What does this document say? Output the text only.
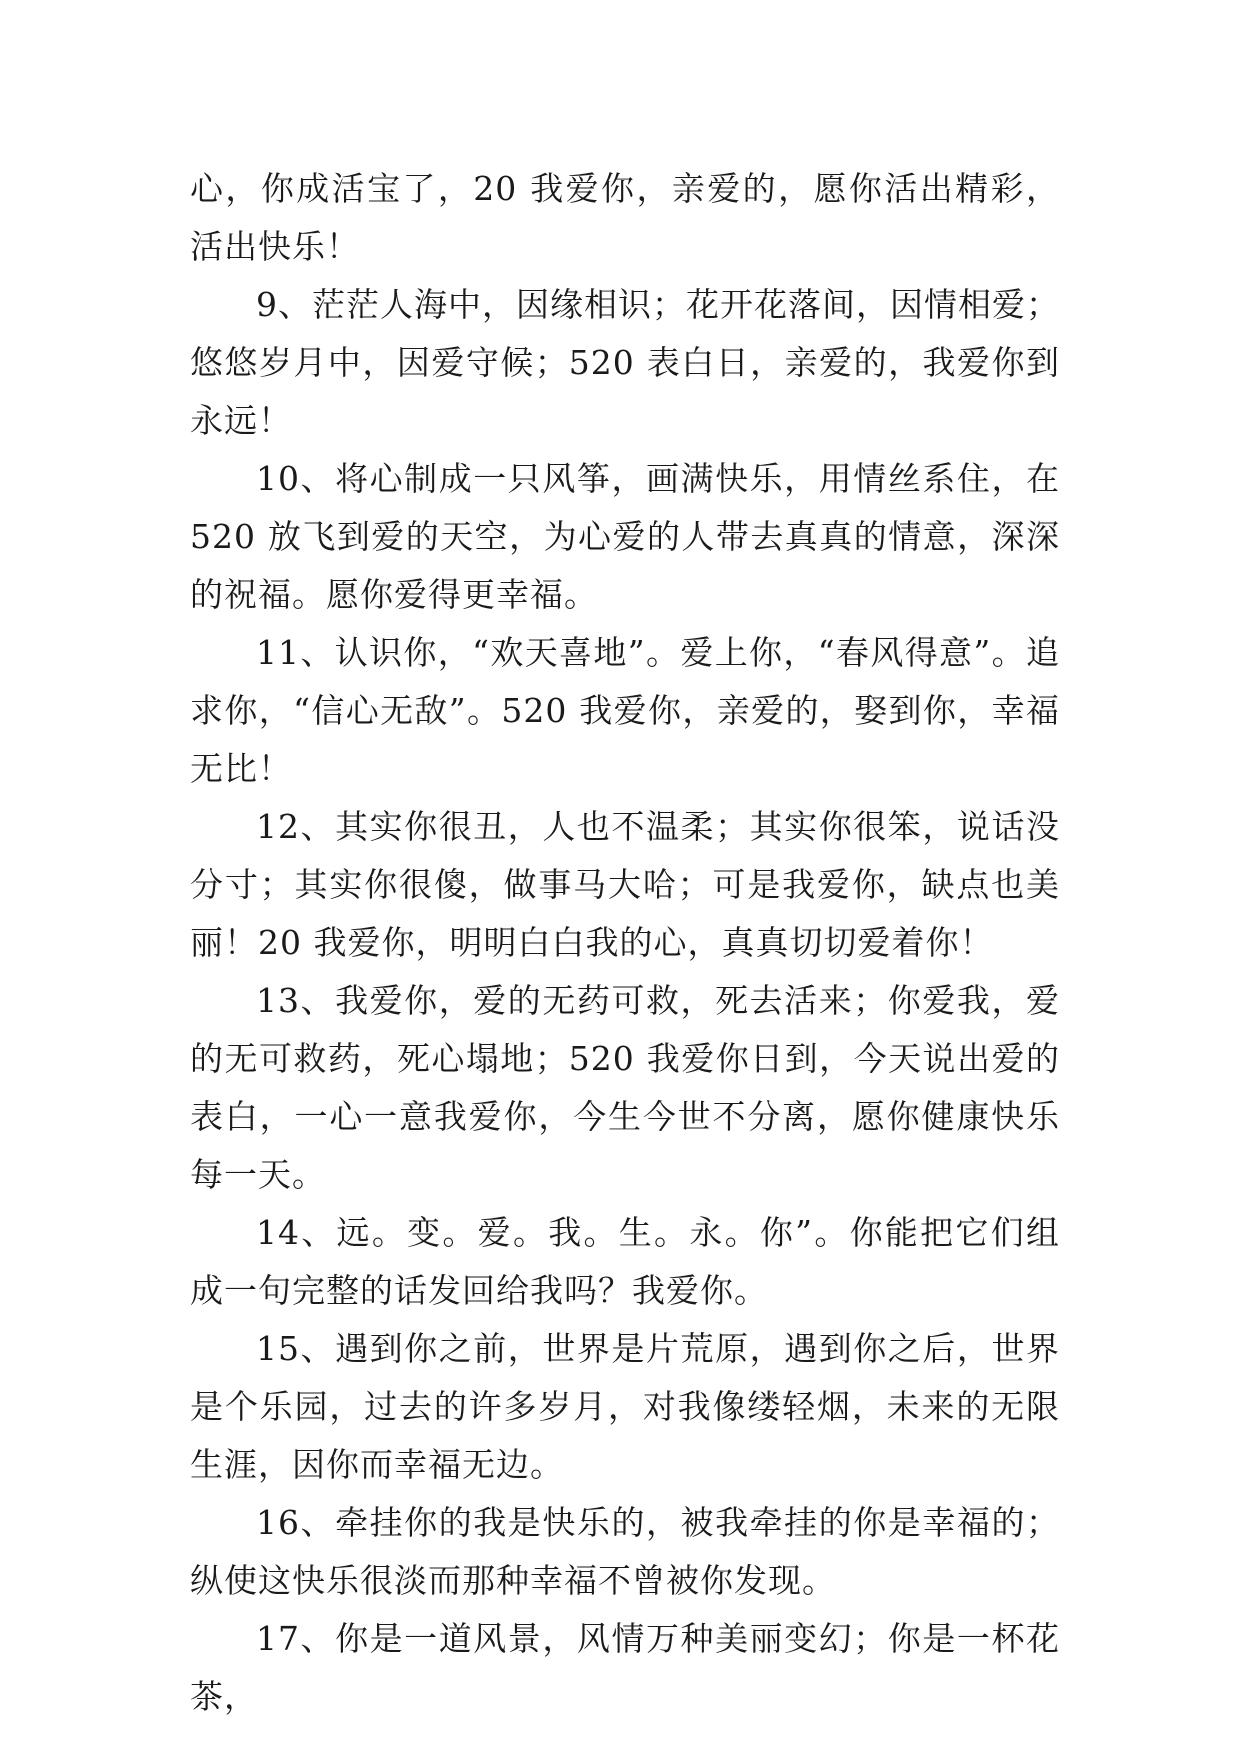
心，你成活宝了，20 我爱你，亲爱的，愿你活出精彩，活出快乐！

9、茫茫人海中，因缘相识；花开花落间，因情相爱；悠悠岁月中，因爱守候；520 表白日，亲爱的，我爱你到永远！

10、将心制成一只风筝，画满快乐，用情丝系住，在 520 放飞到爱的天空，为心爱的人带去真真的情意，深深的祝福。愿你爱得更幸福。

11、认识你，“欢天喜地”。爱上你，“春风得意”。追求你，“信心无敌”。520 我爱你，亲爱的，娶到你，幸福无比！

12、其实你很丑，人也不温柔；其实你很笨，说话没分寸；其实你很傻，做事马大哈；可是我爱你，缺点也美丽！20 我爱你，明明白白我的心，真真切切爱着你！

13、我爱你，爱的无药可救，死去活来；你爱我，爱的无可救药，死心塌地；520 我爱你日到，今天说出爱的表白，一心一意我爱你，今生今世不分离，愿你健康快乐每一天。

14、远。变。爱。我。生。永。你”。你能把它们组成一句完整的话发回给我吗？我爱你。

15、遇到你之前，世界是片荒原，遇到你之后，世界是个乐园，过去的许多岁月，对我像缕轻烟，未来的无限生涯，因你而幸福无边。

16、牵挂你的我是快乐的，被我牵挂的你是幸福的；纵使这快乐很淡而那种幸福不曾被你发现。

17、你是一道风景，风情万种美丽变幻；你是一杯花茶，
